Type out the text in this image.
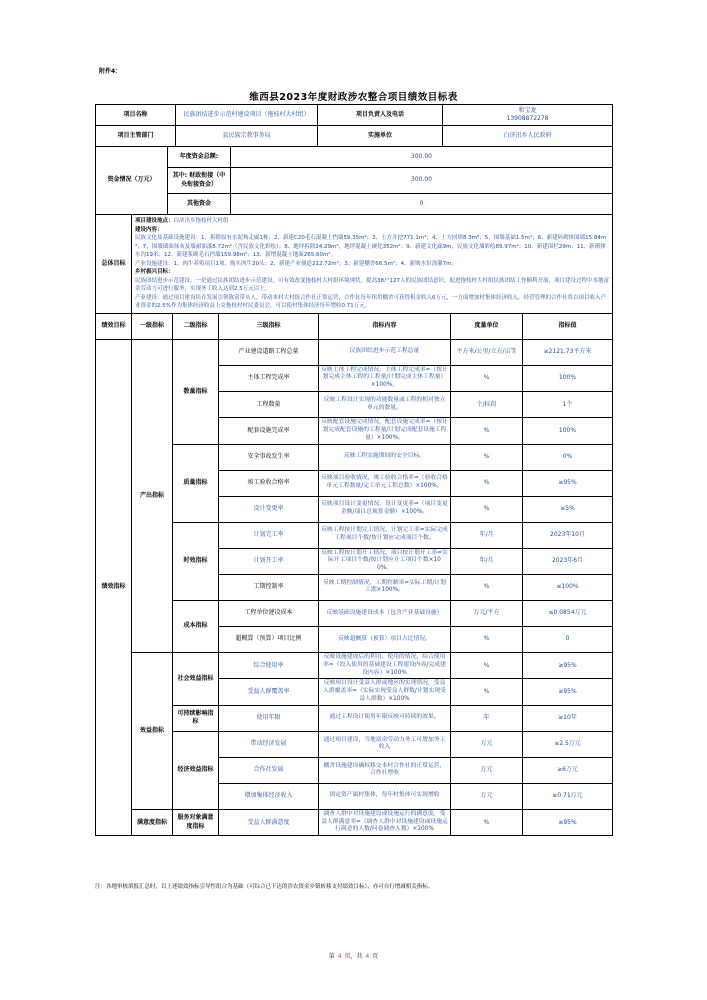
附件4：
维西县2023年度财政涉农整合项目绩效目标表
项目名称	民族团结进步示范村建设项目（拖枝村大村组）	项目负责人及电话	和宝龙
13908872278

项目主管部门	县民族宗教事务局	实施单位	白济汛乡人民政府
资金情况（万元）	年度资金总额:	300.00
	其中: 财政衔接（中央衔接资金）	300.00
	其他资金	0
总体目标	
项目建设地点：白济汛乡拖枝村大村组
建设内容：
民族文化及基础设施建设：1、拆除原有水泥构走廊1栋；2、新建C20毛石混凝土挡墙59.35m³；3、土方开挖771.1m³；4、土方回填8.3m³；5、围墙基础1.5m³；6、新建砖砌体围墙15.84m³；7、围墙墙面抹灰及墙裙油漆8.72m²（含民族文化彩绘）；8、地坪拆除24.29m²，地坪混凝土硬化352m²；9、新建文化廊9m，民族文化墙彩绘89.97m²；10、新建围栏29m；11、新砌排水沟19米；12、新建浆砌毛石挡墙159.98m²；13、新增混凝土地面265.60m²。
产业设施建设：1、肉牛养殖项目1项，购买肉牛20头；2、新建产业便道212.72m²；3、新建棚舍66.5m²；4、新购水泵浇灌7m。
乡村振兴目标：
民族团结进步示范建设。一是通过民族团结进步示范建设，可有效改变拖枝村大村组环境现状，提高38户127人的民族团结意识，促进拖枝村大村组民族团结工作顺利开展，项目建设过程中本地富余劳动力可进行服务，实现务工收入达到2.5万元以上。
产业建设：通过项目建设培育发展引领致富带头人，带动本村大村组合作社正常运营，合作社每年租用棚舍可获得租金收入6万元，一方面增加村集体经济收入，经营管理的合作社将以项目收入产业资金的2.5%作为集体经济收益上交拖枝村村民委员会，可以使村集体经济每年增收0.71万元。
绩效目标	一级指标	二级指标	三级指标	指标内容	度量单位	指标值
绩效指标	产出指标	数量指标	产业建设道路工程总量	民族团结进步示范工程总量	平方米/公里/立方/亩等	≥2121.73平方米
			主体工程完成率	反映主体工程完成情况，主体工程完成率=（按计划完成主体工程的工程量/计划完成主体工程量）×100%。	%	100%
			工程数量	反映工程设计实现的功能数量或工程的相对独立单元的数量。	个/标段	1个
			配套设施完成率	反映配套设施完成情况，配套设施完成率=（按计划完成配套设施的工程量/计划完成配套设施工程量）×100%。	%	100%
		质量指标	安全事故发生率	反映工程实施期间的安全目标。	%	0%
			竣工验收合格率	反映项目验收情况，竣工验收合格率=（验收合格单元工程数量/完工单元工程总数）×100%。	%	≥95%
			设计变更率	反映项目设计变更情况，设计变更率=（项目变更金额/项目总预算金额）×100%。	%	≤5%
		时效指标	计划完工率	反映工程按计划完工情况，计划完工率=实际完成工程项目个数/按计划应完成项目个数。	年/月	2023年10月
			计划开工率	反映工程按计划开工情况，项目按计划开工率=实际开工项目个数/按计划应开工项目个数×100%。	年/月	2023年6月
			工期控制率	反映工期控制情况，工期控制率=实际工期/计划工期×100%。	%	≤100%
		成本指标	工程单位建设成本	反映基础设施建设成本（包含产业基础设施）	万元/平方	≤0.0854万元
			超概算（预算）项目比例	反映超概算（预算）项目占比情况。	%	0
	效益指标	社会效益指标	综合使用率	反映设施建成后的利用、使用的情况，综合使用率=（投入使用的基础建设工程建设内容/完成建设内容）×100%	%	≥95%
			受益人群覆盖率	反映项目设计受益人群或地区的实现情况，受益人群覆盖率=（实际实现受益人群数/计划实现受益人群数）×100%	%	≥95%
		可持续影响指标	使用年限	通过工程设计使用年限反映可持续的效果。	年	≥10年
		经济效益指标	带动经济发展	通过项目建设，当地富余劳动力务工可增加务工收入	万元	≥2.5万元
			合作社发展	棚舍设施建设确权移交本村合作社的正常运营，合作社增收	万元	≥6万元
			增加集体经济收入	固定资产属村集体，每年村集体可实现增收	万元	≥0.71万元
	满意度指标	服务对象满意度指标	受益人群满意度	调查人群中对设施建设或设施运行的满意度，受益人群满意率=（调查人群中对设施建设或设施运行满意的人数/问卷调查人数）×100%	%	≥95%
注：各地审核填报汇总时，以上述绩效指标引导性组合为基础（可综合已下达的涉农资金乡镇转移支付绩效目标），亦可自行增减相关指标。
第 4 页，共 4 页
